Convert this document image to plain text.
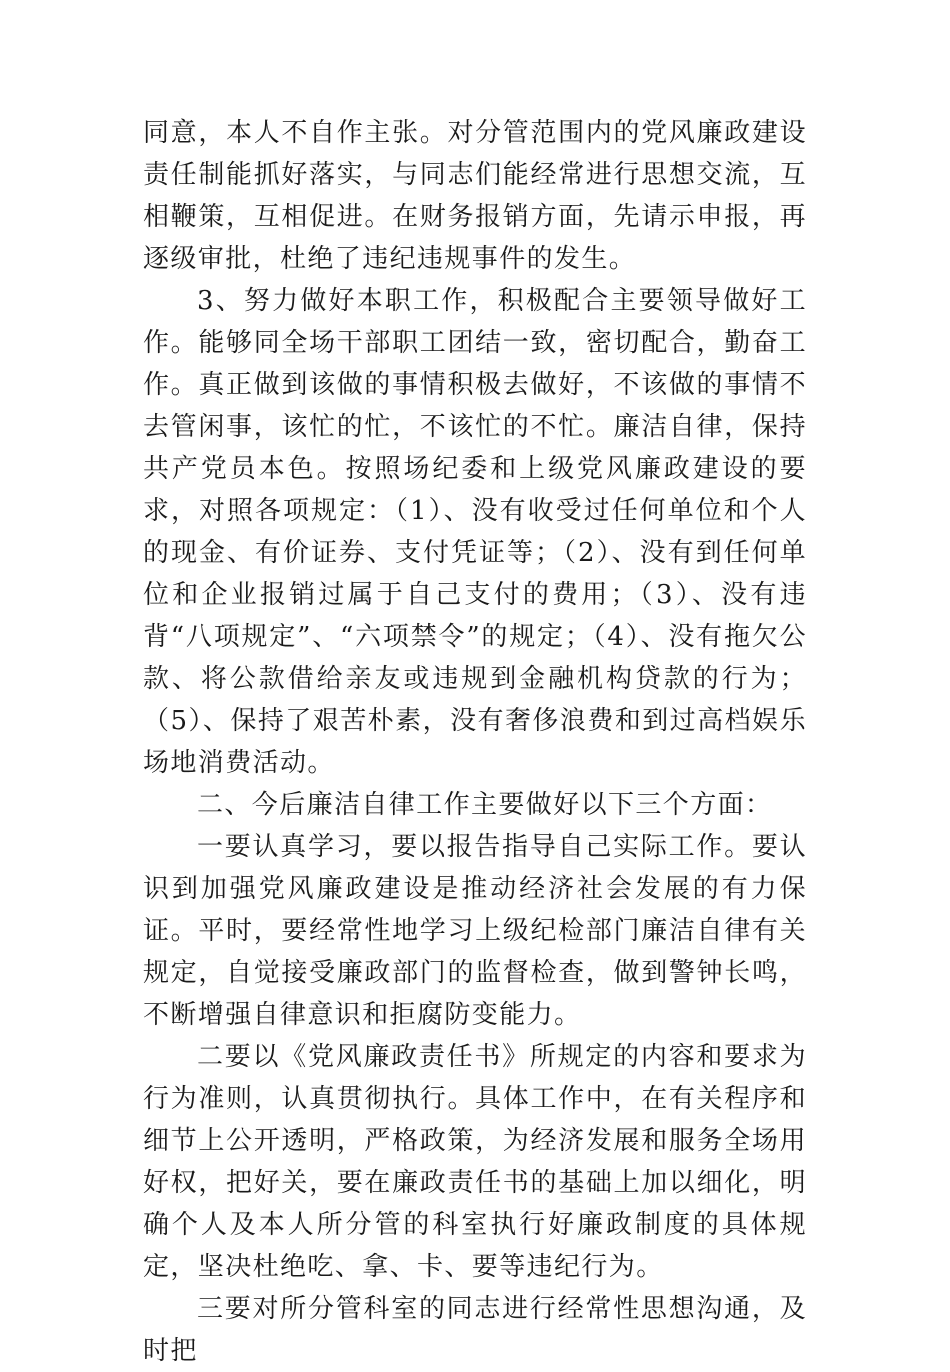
同意，本人不自作主张。对分管范围内的党风廉政建设责任制能抓好落实，与同志们能经常进行思想交流，互相鞭策，互相促进。在财务报销方面，先请示申报，再逐级审批，杜绝了违纪违规事件的发生。

3、努力做好本职工作，积极配合主要领导做好工作。能够同全场干部职工团结一致，密切配合，勤奋工作。真正做到该做的事情积极去做好，不该做的事情不去管闲事，该忙的忙，不该忙的不忙。廉洁自律，保持共产党员本色。按照场纪委和上级党风廉政建设的要求，对照各项规定：（1）、没有收受过任何单位和个人的现金、有价证券、支付凭证等；（2）、没有到任何单位和企业报销过属于自己支付的费用；（3）、没有违背“八项规定”、“六项禁令”的规定；（4）、没有拖欠公款、将公款借给亲友或违规到金融机构贷款的行为；（5）、保持了艰苦朴素，没有奢侈浪费和到过高档娱乐场地消费活动。

二、今后廉洁自律工作主要做好以下三个方面：

一要认真学习，要以报告指导自己实际工作。要认识到加强党风廉政建设是推动经济社会发展的有力保证。平时，要经常性地学习上级纪检部门廉洁自律有关规定，自觉接受廉政部门的监督检查，做到警钟长鸣，不断增强自律意识和拒腐防变能力。

二要以《党风廉政责任书》所规定的内容和要求为行为准则，认真贯彻执行。具体工作中，在有关程序和细节上公开透明，严格政策，为经济发展和服务全场用好权，把好关，要在廉政责任书的基础上加以细化，明确个人及本人所分管的科室执行好廉政制度的具体规定，坚决杜绝吃、拿、卡、要等违纪行为。

三要对所分管科室的同志进行经常性思想沟通，及时把
